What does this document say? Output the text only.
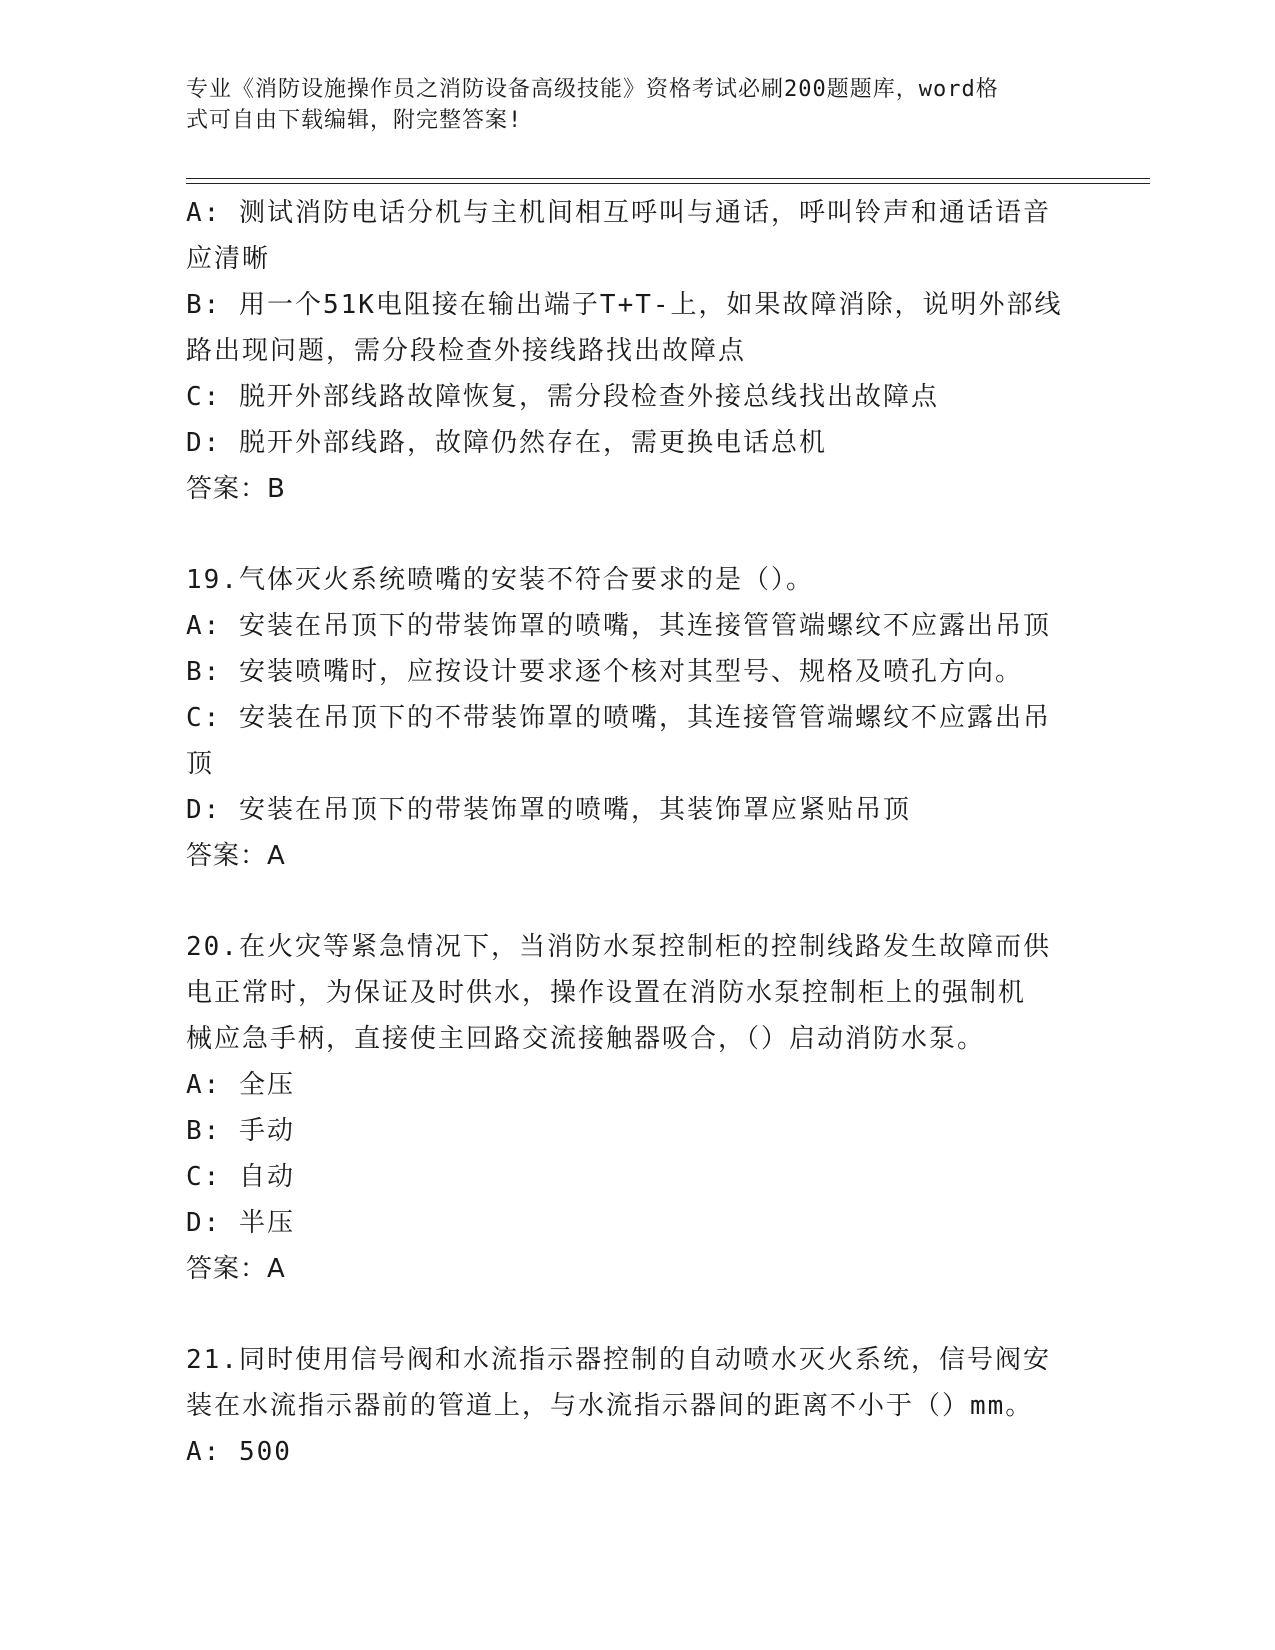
专业《消防设施操作员之消防设备高级技能》资格考试必刷200题题库，word格
式可自由下载编辑，附完整答案!

A: 测试消防电话分机与主机间相互呼叫与通话，呼叫铃声和通话语音

应清晰

B: 用一个51K电阻接在输出端子T+T-上，如果故障消除，说明外部线

路出现问题，需分段检查外接线路找出故障点

C: 脱开外部线路故障恢复，需分段检查外接总线找出故障点

D: 脱开外部线路，故障仍然存在，需更换电话总机

答案：B

19.气体灭火系统喷嘴的安装不符合要求的是（）。

A: 安装在吊顶下的带装饰罩的喷嘴，其连接管管端螺纹不应露出吊顶

B: 安装喷嘴时，应按设计要求逐个核对其型号、规格及喷孔方向。

C: 安装在吊顶下的不带装饰罩的喷嘴，其连接管管端螺纹不应露出吊

顶

D: 安装在吊顶下的带装饰罩的喷嘴，其装饰罩应紧贴吊顶

答案：A

20.在火灾等紧急情况下，当消防水泵控制柜的控制线路发生故障而供

电正常时，为保证及时供水，操作设置在消防水泵控制柜上的强制机

械应急手柄，直接使主回路交流接触器吸合，（）启动消防水泵。

A: 全压

B: 手动

C: 自动

D: 半压

答案：A

21.同时使用信号阀和水流指示器控制的自动喷水灭火系统，信号阀安

装在水流指示器前的管道上，与水流指示器间的距离不小于（）mm。

A: 500
